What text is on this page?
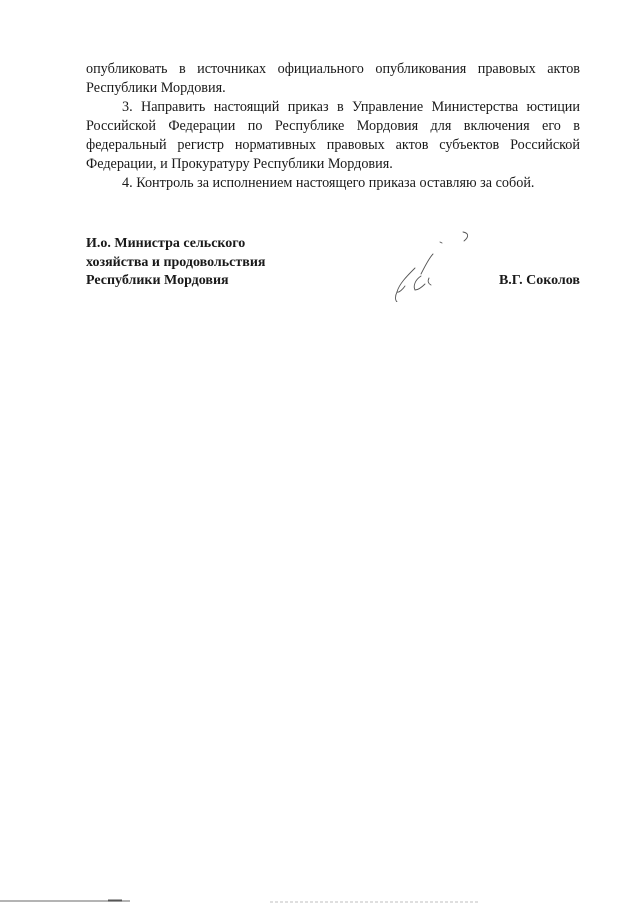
опубликовать в источниках официального опубликования правовых актов Республики Мордовия.

3. Направить настоящий приказ в Управление Министерства юстиции Российской Федерации по Республике Мордовия для включения его в федеральный регистр нормативных правовых актов субъектов Российской Федерации, и Прокуратуру Республики Мордовия.

4. Контроль за исполнением настоящего приказа оставляю за собой.

И.о. Министра сельского
хозяйства и продовольствия
Республики Мордовия	В.Г. Соколов
